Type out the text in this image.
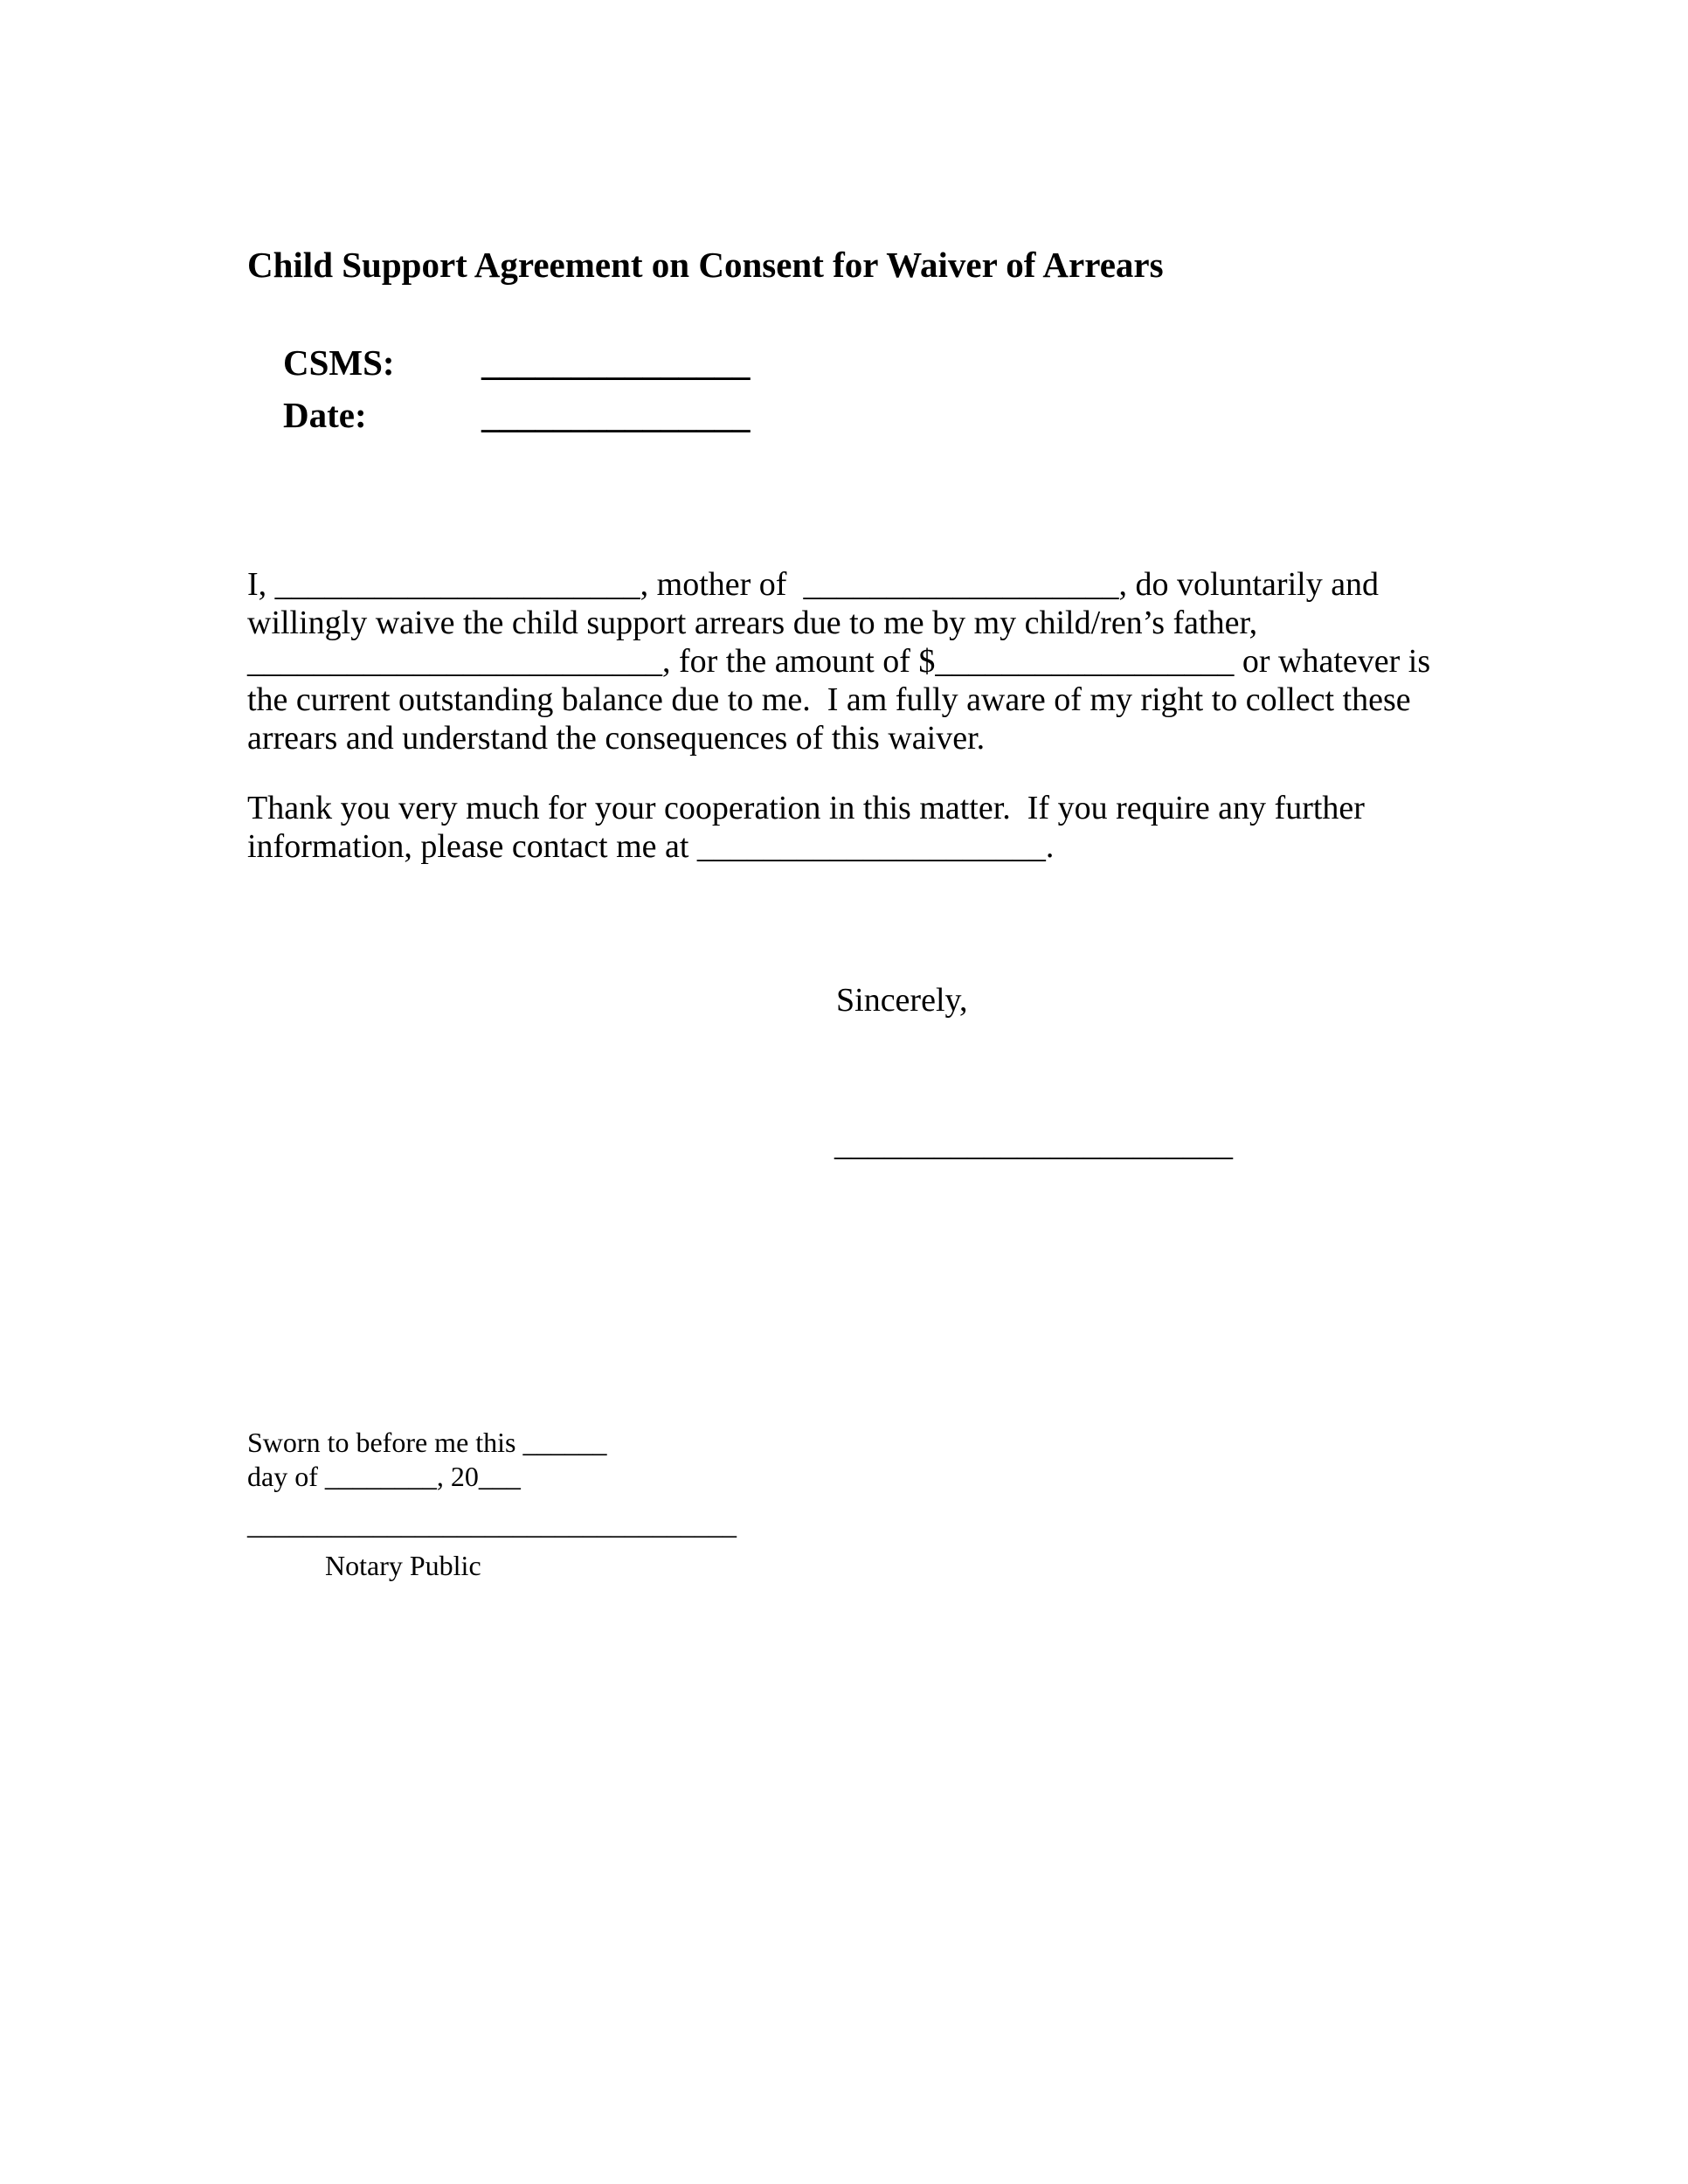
Child Support Agreement on Consent for Waiver of Arrears

CSMS: _______________

Date:	_______________

I, ______________________, mother of  ___________________, do voluntarily and
willingly waive the child support arrears due to me by my child/ren’s father,
_________________________, for the amount of $__________________ or whatever is
the current outstanding balance due to me.  I am fully aware of my right to collect these
arrears and understand the consequences of this waiver.
Thank you very much for your cooperation in this matter.  If you require any further
information, please contact me at _____________________.
Sincerely,
________________________
Sworn to before me this ______
day of ________, 20___
___________________________________
Notary Public
